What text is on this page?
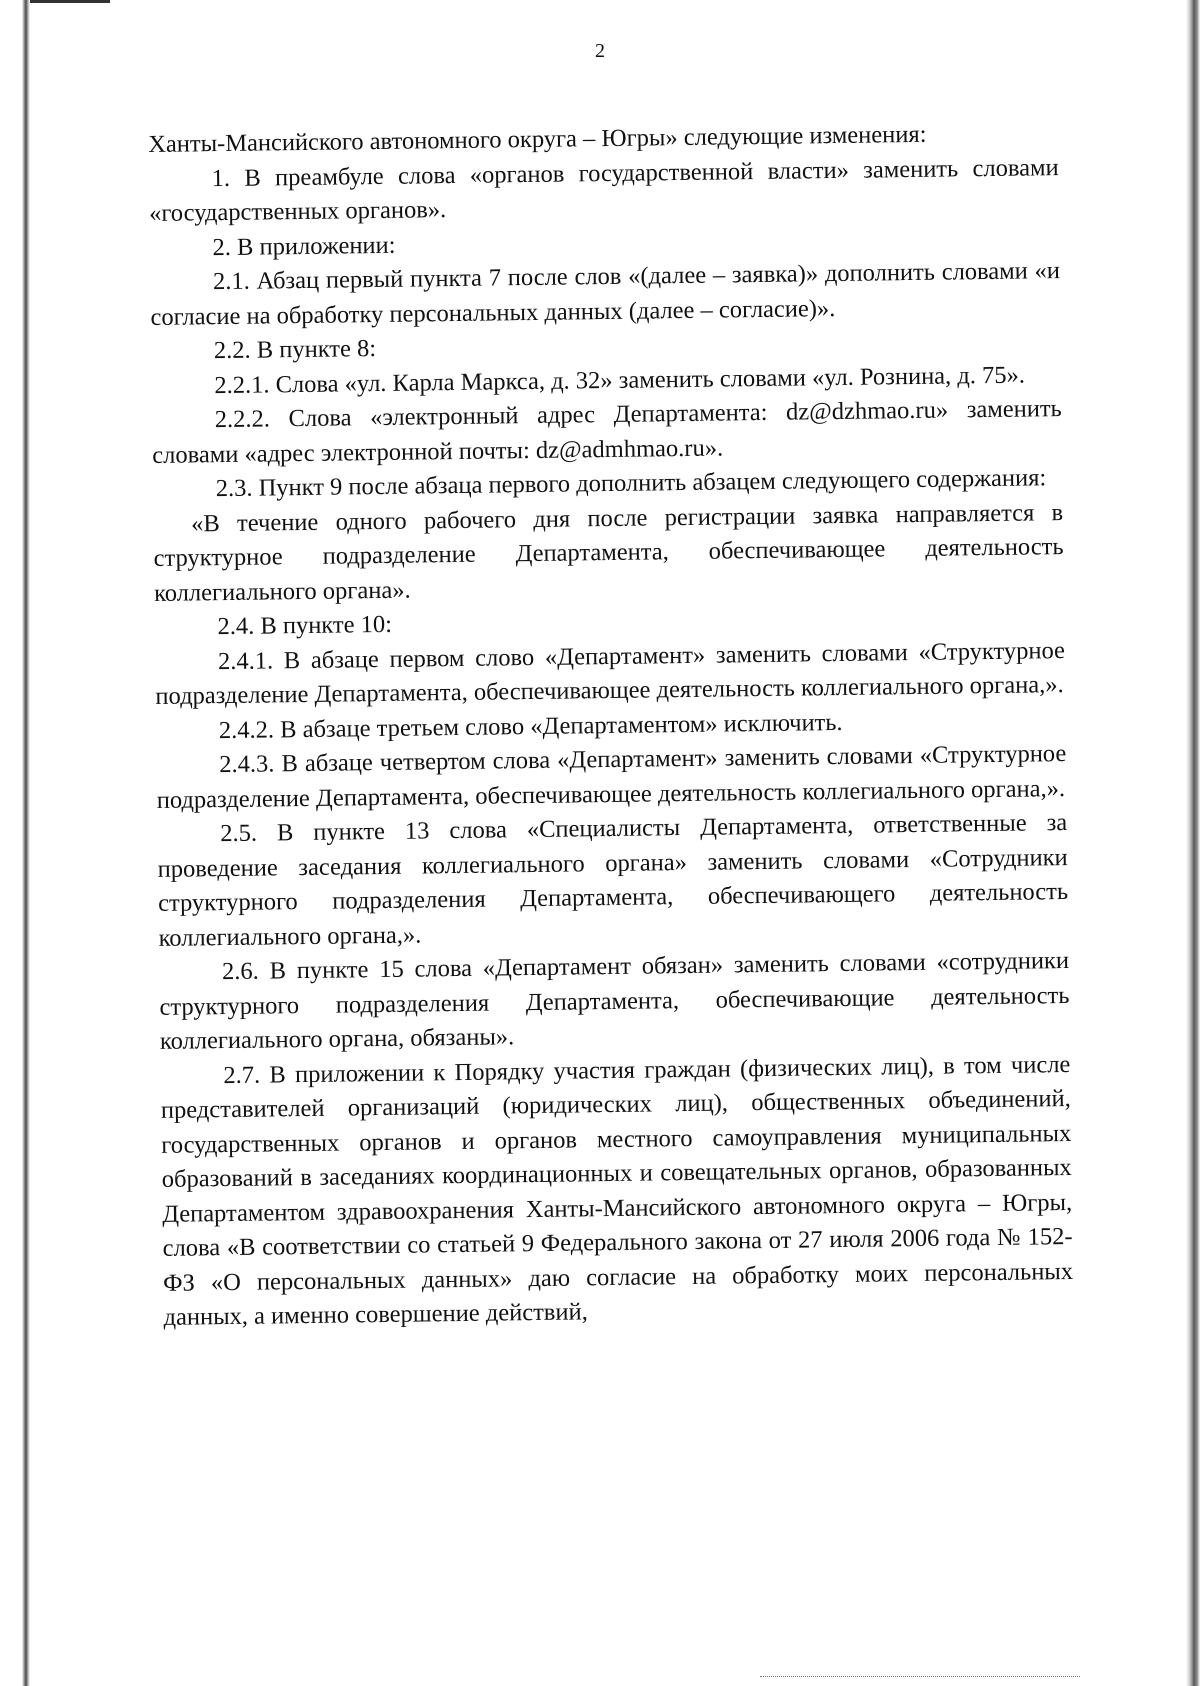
2

Ханты-Мансийского автономного округа – Югры» следующие изменения:

1. В преамбуле слова «органов государственной власти» заменить словами «государственных органов».

2. В приложении:

2.1. Абзац первый пункта 7 после слов «(далее – заявка)» дополнить словами «и согласие на обработку персональных данных (далее – согласие)».

2.2. В пункте 8:

2.2.1. Слова «ул. Карла Маркса, д. 32» заменить словами «ул. Рознина, д. 75».

2.2.2. Слова «электронный адрес Департамента: dz@dzhmao.ru» заменить словами «адрес электронной почты: dz@admhmao.ru».

2.3. Пункт 9 после абзаца первого дополнить абзацем следующего содержания:

«В течение одного рабочего дня после регистрации заявка направляется в структурное подразделение Департамента, обеспечивающее деятельность коллегиального органа».

2.4. В пункте 10:

2.4.1. В абзаце первом слово «Департамент» заменить словами «Структурное подразделение Департамента, обеспечивающее деятельность коллегиального органа,».

2.4.2. В абзаце третьем слово «Департаментом» исключить.

2.4.3. В абзаце четвертом слова «Департамент» заменить словами «Структурное подразделение Департамента, обеспечивающее деятельность коллегиального органа,».

2.5. В пункте 13 слова «Специалисты Департамента, ответственные за проведение заседания коллегиального органа» заменить словами «Сотрудники структурного подразделения Департамента, обеспечивающего деятельность коллегиального органа,».

2.6. В пункте 15 слова «Департамент обязан» заменить словами «сотрудники структурного подразделения Департамента, обеспечивающие деятельность коллегиального органа, обязаны».

2.7. В приложении к Порядку участия граждан (физических лиц), в том числе представителей организаций (юридических лиц), общественных объединений, государственных органов и органов местного самоуправления муниципальных образований в заседаниях координационных и совещательных органов, образованных Департаментом здравоохранения Ханты-Мансийского автономного округа – Югры, слова «В соответствии со статьей 9 Федерального закона от 27 июля 2006 года № 152-ФЗ «О персональных данных» даю согласие на обработку моих персональных данных, а именно совершение действий,
